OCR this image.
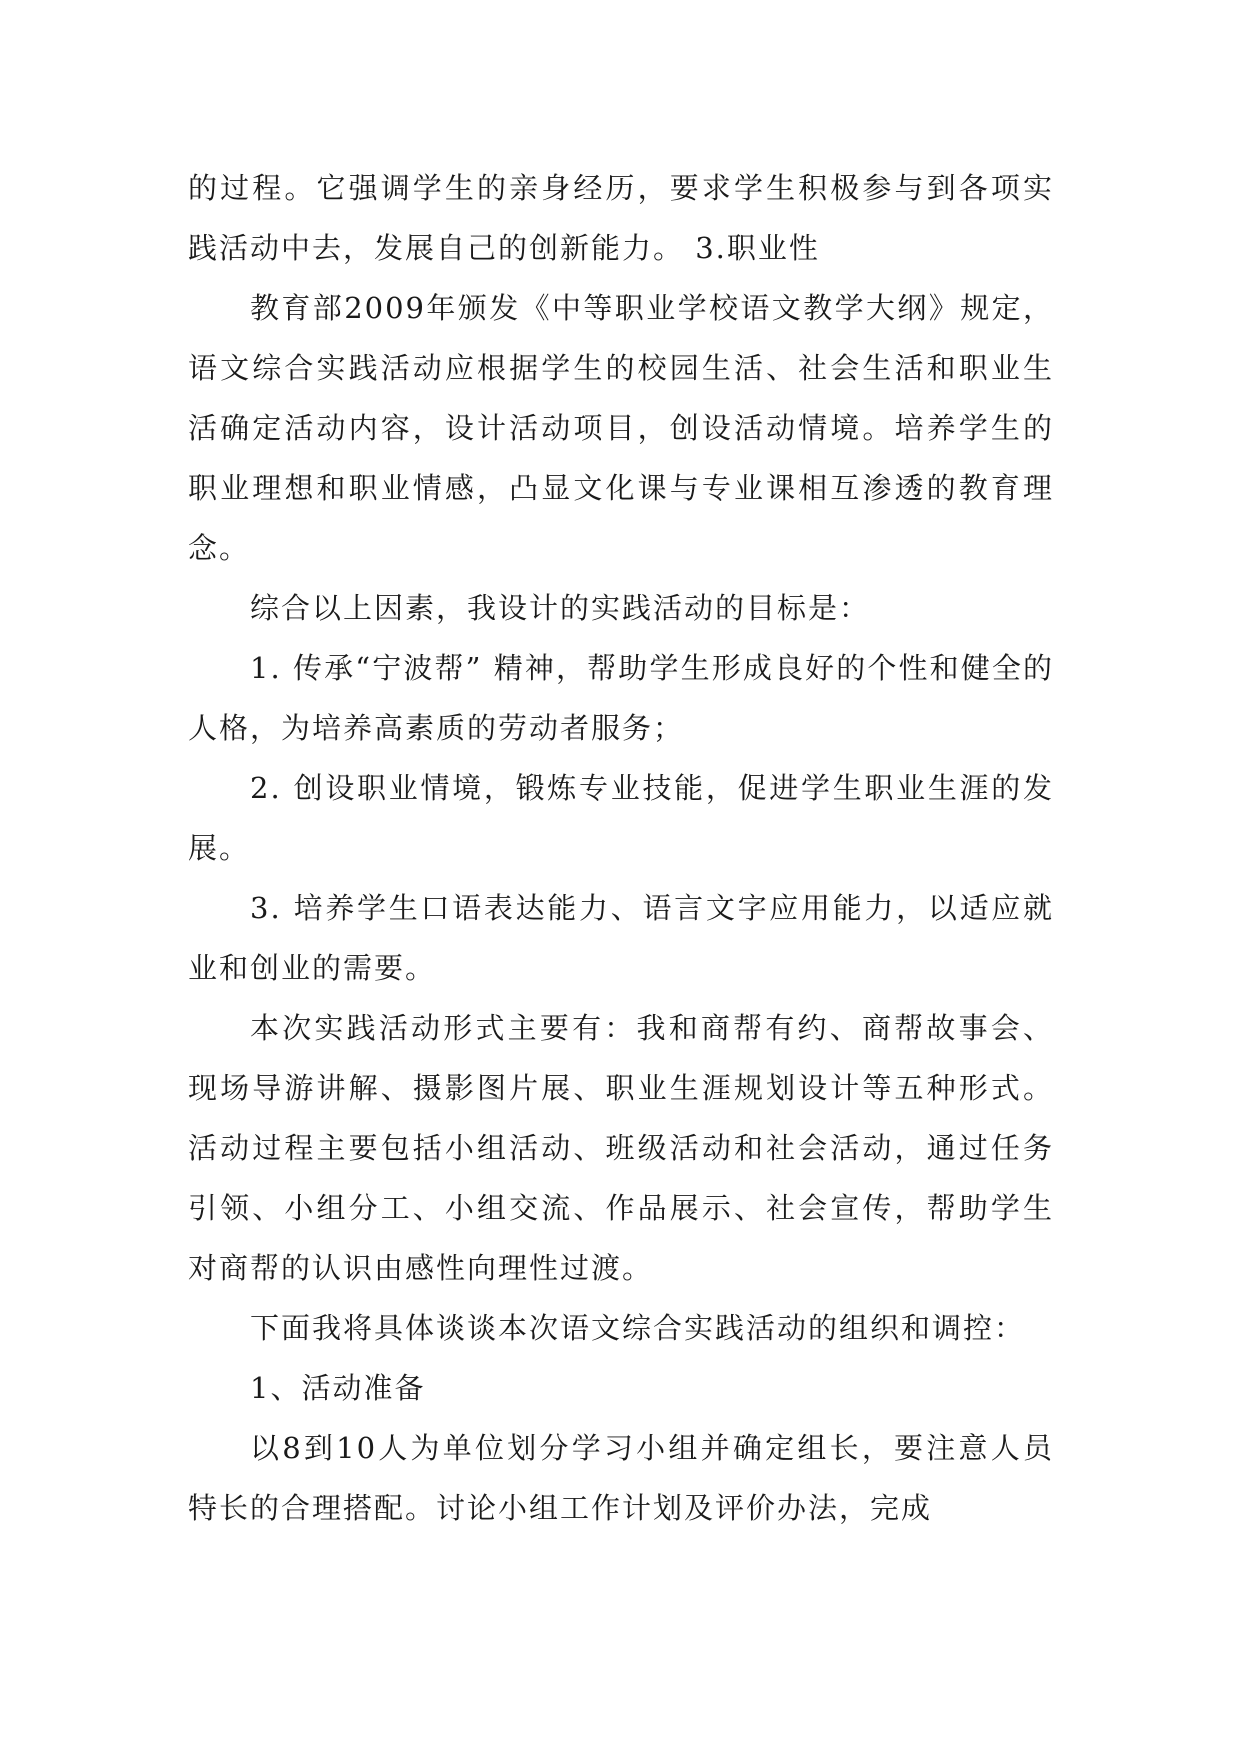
的过程。它强调学生的亲身经历，要求学生积极参与到各项实践活动中去，发展自己的创新能力。 3.职业性

教育部2009年颁发《中等职业学校语文教学大纲》规定，语文综合实践活动应根据学生的校园生活、社会生活和职业生活确定活动内容，设计活动项目，创设活动情境。培养学生的职业理想和职业情感，凸显文化课与专业课相互渗透的教育理念。

综合以上因素，我设计的实践活动的目标是：

1. 传承“宁波帮” 精神，帮助学生形成良好的个性和健全的人格，为培养高素质的劳动者服务；

2. 创设职业情境，锻炼专业技能，促进学生职业生涯的发展。

3. 培养学生口语表达能力、语言文字应用能力，以适应就业和创业的需要。

本次实践活动形式主要有：我和商帮有约、商帮故事会、现场导游讲解、摄影图片展、职业生涯规划设计等五种形式。活动过程主要包括小组活动、班级活动和社会活动，通过任务引领、小组分工、小组交流、作品展示、社会宣传，帮助学生对商帮的认识由感性向理性过渡。

下面我将具体谈谈本次语文综合实践活动的组织和调控：

1、活动准备

以8到10人为单位划分学习小组并确定组长，要注意人员特长的合理搭配。讨论小组工作计划及评价办法，完成
